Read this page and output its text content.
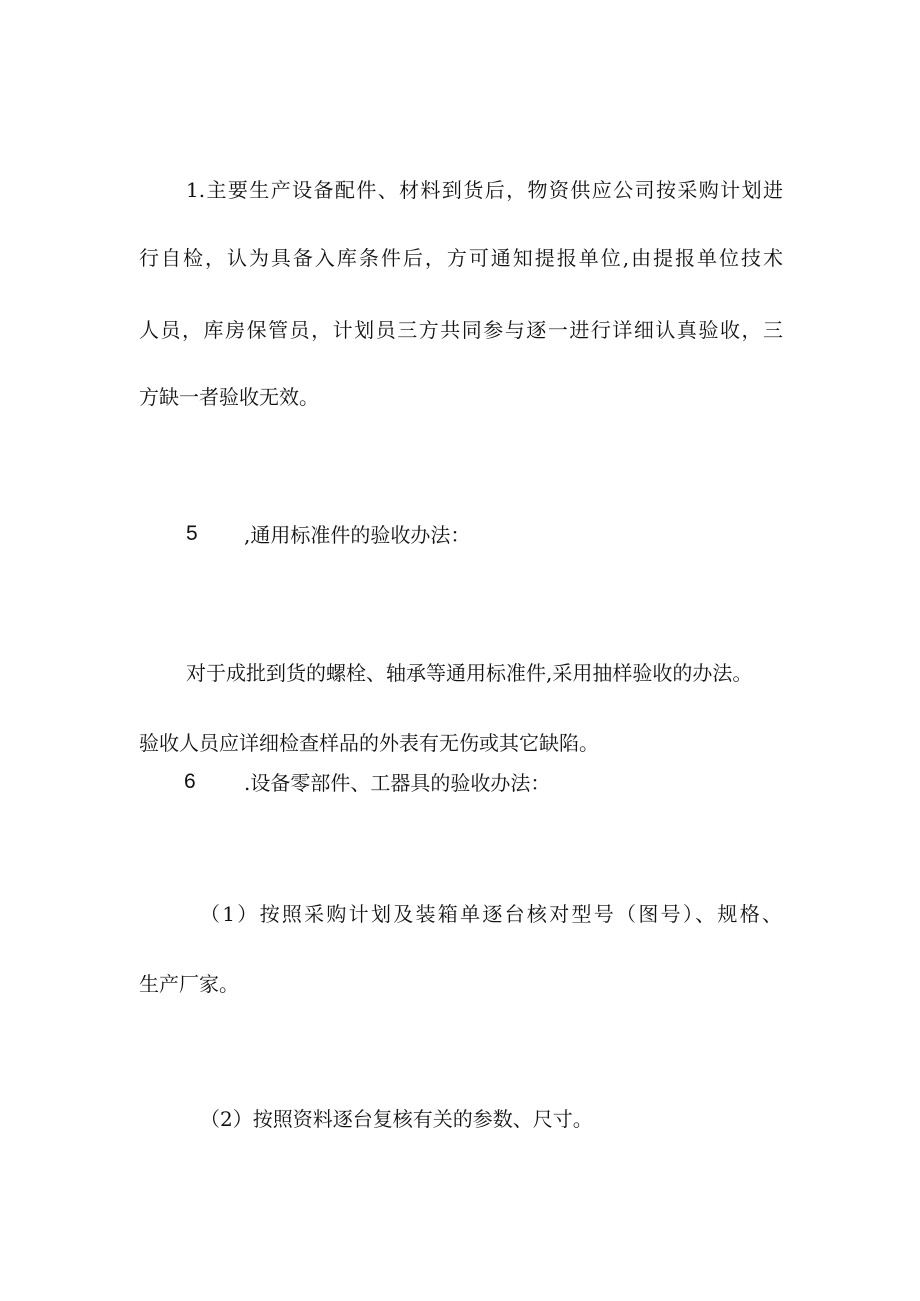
1.主要生产设备配件、材料到货后，物资供应公司按采购计划进

行自检，认为具备入库条件后，方可通知提报单位,由提报单位技术

人员，库房保管员，计划员三方共同参与逐一进行详细认真验收，三

方缺一者验收无效。

5 ,通用标准件的验收办法：

对于成批到货的螺栓、轴承等通用标准件,采用抽样验收的办法。

验收人员应详细检查样品的外表有无伤或其它缺陷。

6 .设备零部件、工器具的验收办法：

（1）按照采购计划及装箱单逐台核对型号（图号）、规格、

生产厂家。

（2）按照资料逐台复核有关的参数、尺寸。
